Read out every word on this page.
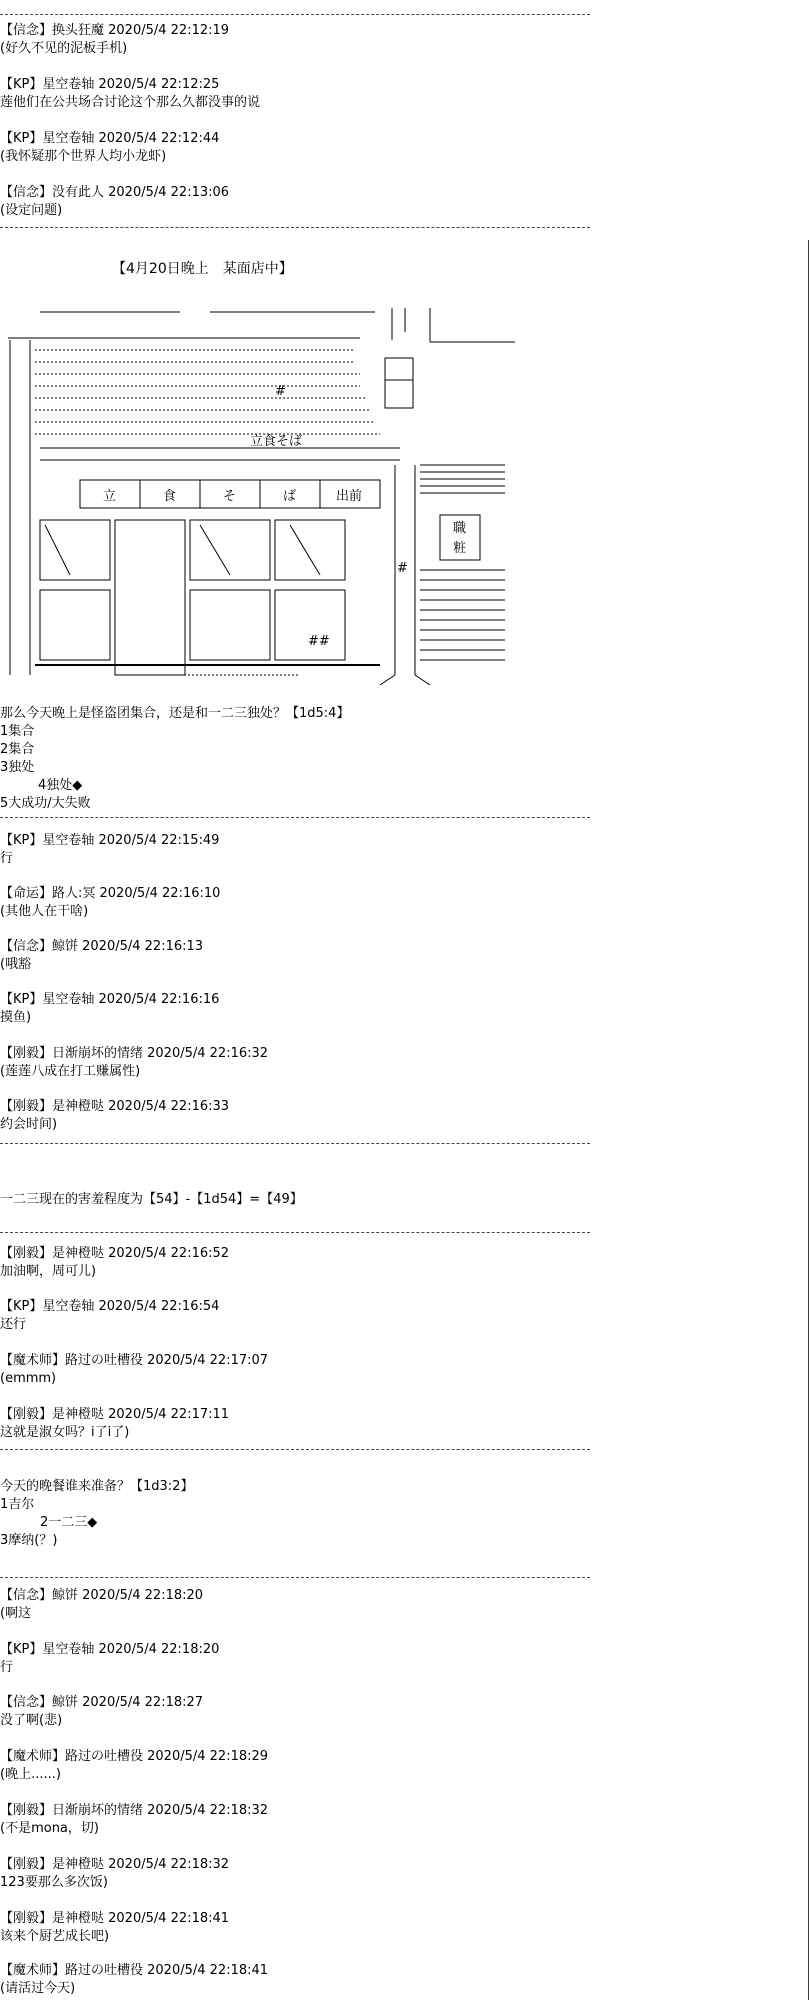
【信念】换头狂魔 2020/5/4 22:12:19
(好久不见的泥板手机)
【KP】星空卷轴 2020/5/4 22:12:25
莲他们在公共场合讨论这个那么久都没事的说
【KP】星空卷轴 2020/5/4 22:12:44
(我怀疑那个世界人均小龙虾)
【信念】没有此人 2020/5/4 22:13:06
(设定问题)
【4月20日晚上　某面店中】
立食そば
立	食	そ	ば	出前
職
粧
#
#
##
那么今天晚上是怪盗团集合，还是和一二三独处？【1d5:4】
1集合
2集合
3独处
4独处◆
5大成功/大失败
【KP】星空卷轴 2020/5/4 22:15:49
行
【命运】路人:冥 2020/5/4 22:16:10
(其他人在干啥)
【信念】鲸饼 2020/5/4 22:16:13
(哦豁
【KP】星空卷轴 2020/5/4 22:16:16
摸鱼)
【刚毅】日渐崩坏的情绪 2020/5/4 22:16:32
(莲莲八成在打工赚属性)
【刚毅】是神橙哒 2020/5/4 22:16:33
约会时间)
一二三现在的害羞程度为【54】-【1d54】=【49】
【刚毅】是神橙哒 2020/5/4 22:16:52
加油啊，周可儿)
【KP】星空卷轴 2020/5/4 22:16:54
还行
【魔术师】路过の吐槽役 2020/5/4 22:17:07
(emmm)
【刚毅】是神橙哒 2020/5/4 22:17:11
这就是淑女吗？i了i了)
今天的晚餐谁来准备？【1d3:2】
1吉尔
2一二三◆
3摩纳(？)
【信念】鲸饼 2020/5/4 22:18:20
(啊这
【KP】星空卷轴 2020/5/4 22:18:20
行
【信念】鲸饼 2020/5/4 22:18:27
没了啊(悲)
【魔术师】路过の吐槽役 2020/5/4 22:18:29
(晚上......)
【刚毅】日渐崩坏的情绪 2020/5/4 22:18:32
(不是mona，切)
【刚毅】是神橙哒 2020/5/4 22:18:32
123要那么多次饭)
【刚毅】是神橙哒 2020/5/4 22:18:41
该来个厨艺成长吧)
【魔术师】路过の吐槽役 2020/5/4 22:18:41
(请活过今天)
